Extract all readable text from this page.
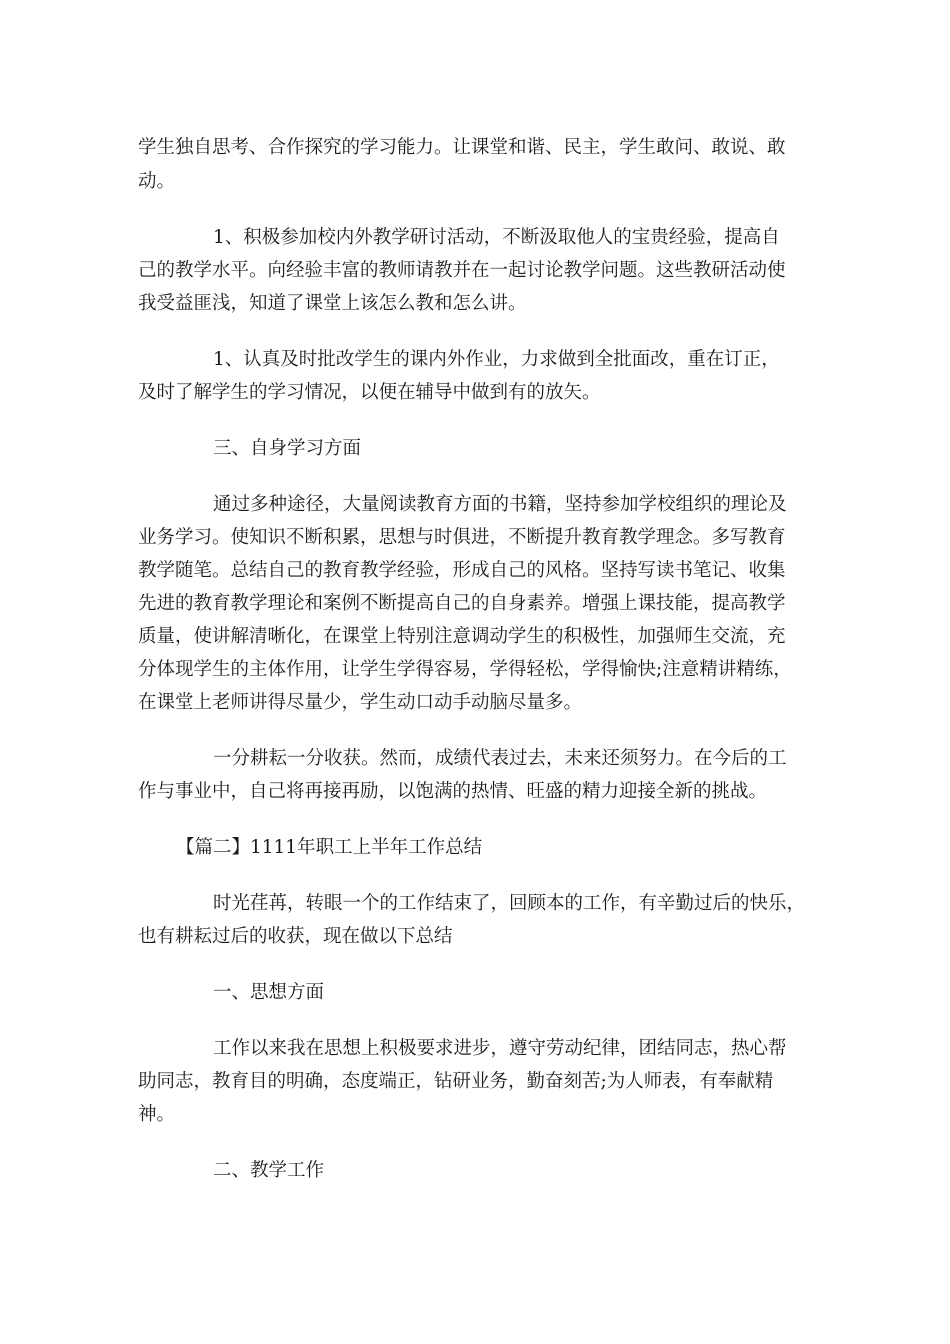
学生独自思考、合作探究的学习能力。让课堂和谐、民主，学生敢问、敢说、敢
动。
1、积极参加校内外教学研讨活动，不断汲取他人的宝贵经验，提高自
己的教学水平。向经验丰富的教师请教并在一起讨论教学问题。这些教研活动使
我受益匪浅，知道了课堂上该怎么教和怎么讲。
1、认真及时批改学生的课内外作业，力求做到全批面改，重在订正，
及时了解学生的学习情况，以便在辅导中做到有的放矢。
三、自身学习方面
通过多种途径，大量阅读教育方面的书籍，坚持参加学校组织的理论及
业务学习。使知识不断积累，思想与时俱进，不断提升教育教学理念。多写教育
教学随笔。总结自己的教育教学经验，形成自己的风格。坚持写读书笔记、收集
先进的教育教学理论和案例不断提高自己的自身素养。增强上课技能，提高教学
质量，使讲解清晰化，在课堂上特别注意调动学生的积极性，加强师生交流，充
分体现学生的主体作用，让学生学得容易，学得轻松，学得愉快;注意精讲精练，
在课堂上老师讲得尽量少，学生动口动手动脑尽量多。
一分耕耘一分收获。然而，成绩代表过去，未来还须努力。在今后的工
作与事业中，自己将再接再励，以饱满的热情、旺盛的精力迎接全新的挑战。
【篇二】1111年职工上半年工作总结
时光荏苒，转眼一个的工作结束了，回顾本的工作，有辛勤过后的快乐，
也有耕耘过后的收获，现在做以下总结
一、思想方面
工作以来我在思想上积极要求进步，遵守劳动纪律，团结同志，热心帮
助同志，教育目的明确，态度端正，钻研业务，勤奋刻苦;为人师表，有奉献精
神。
二、教学工作
